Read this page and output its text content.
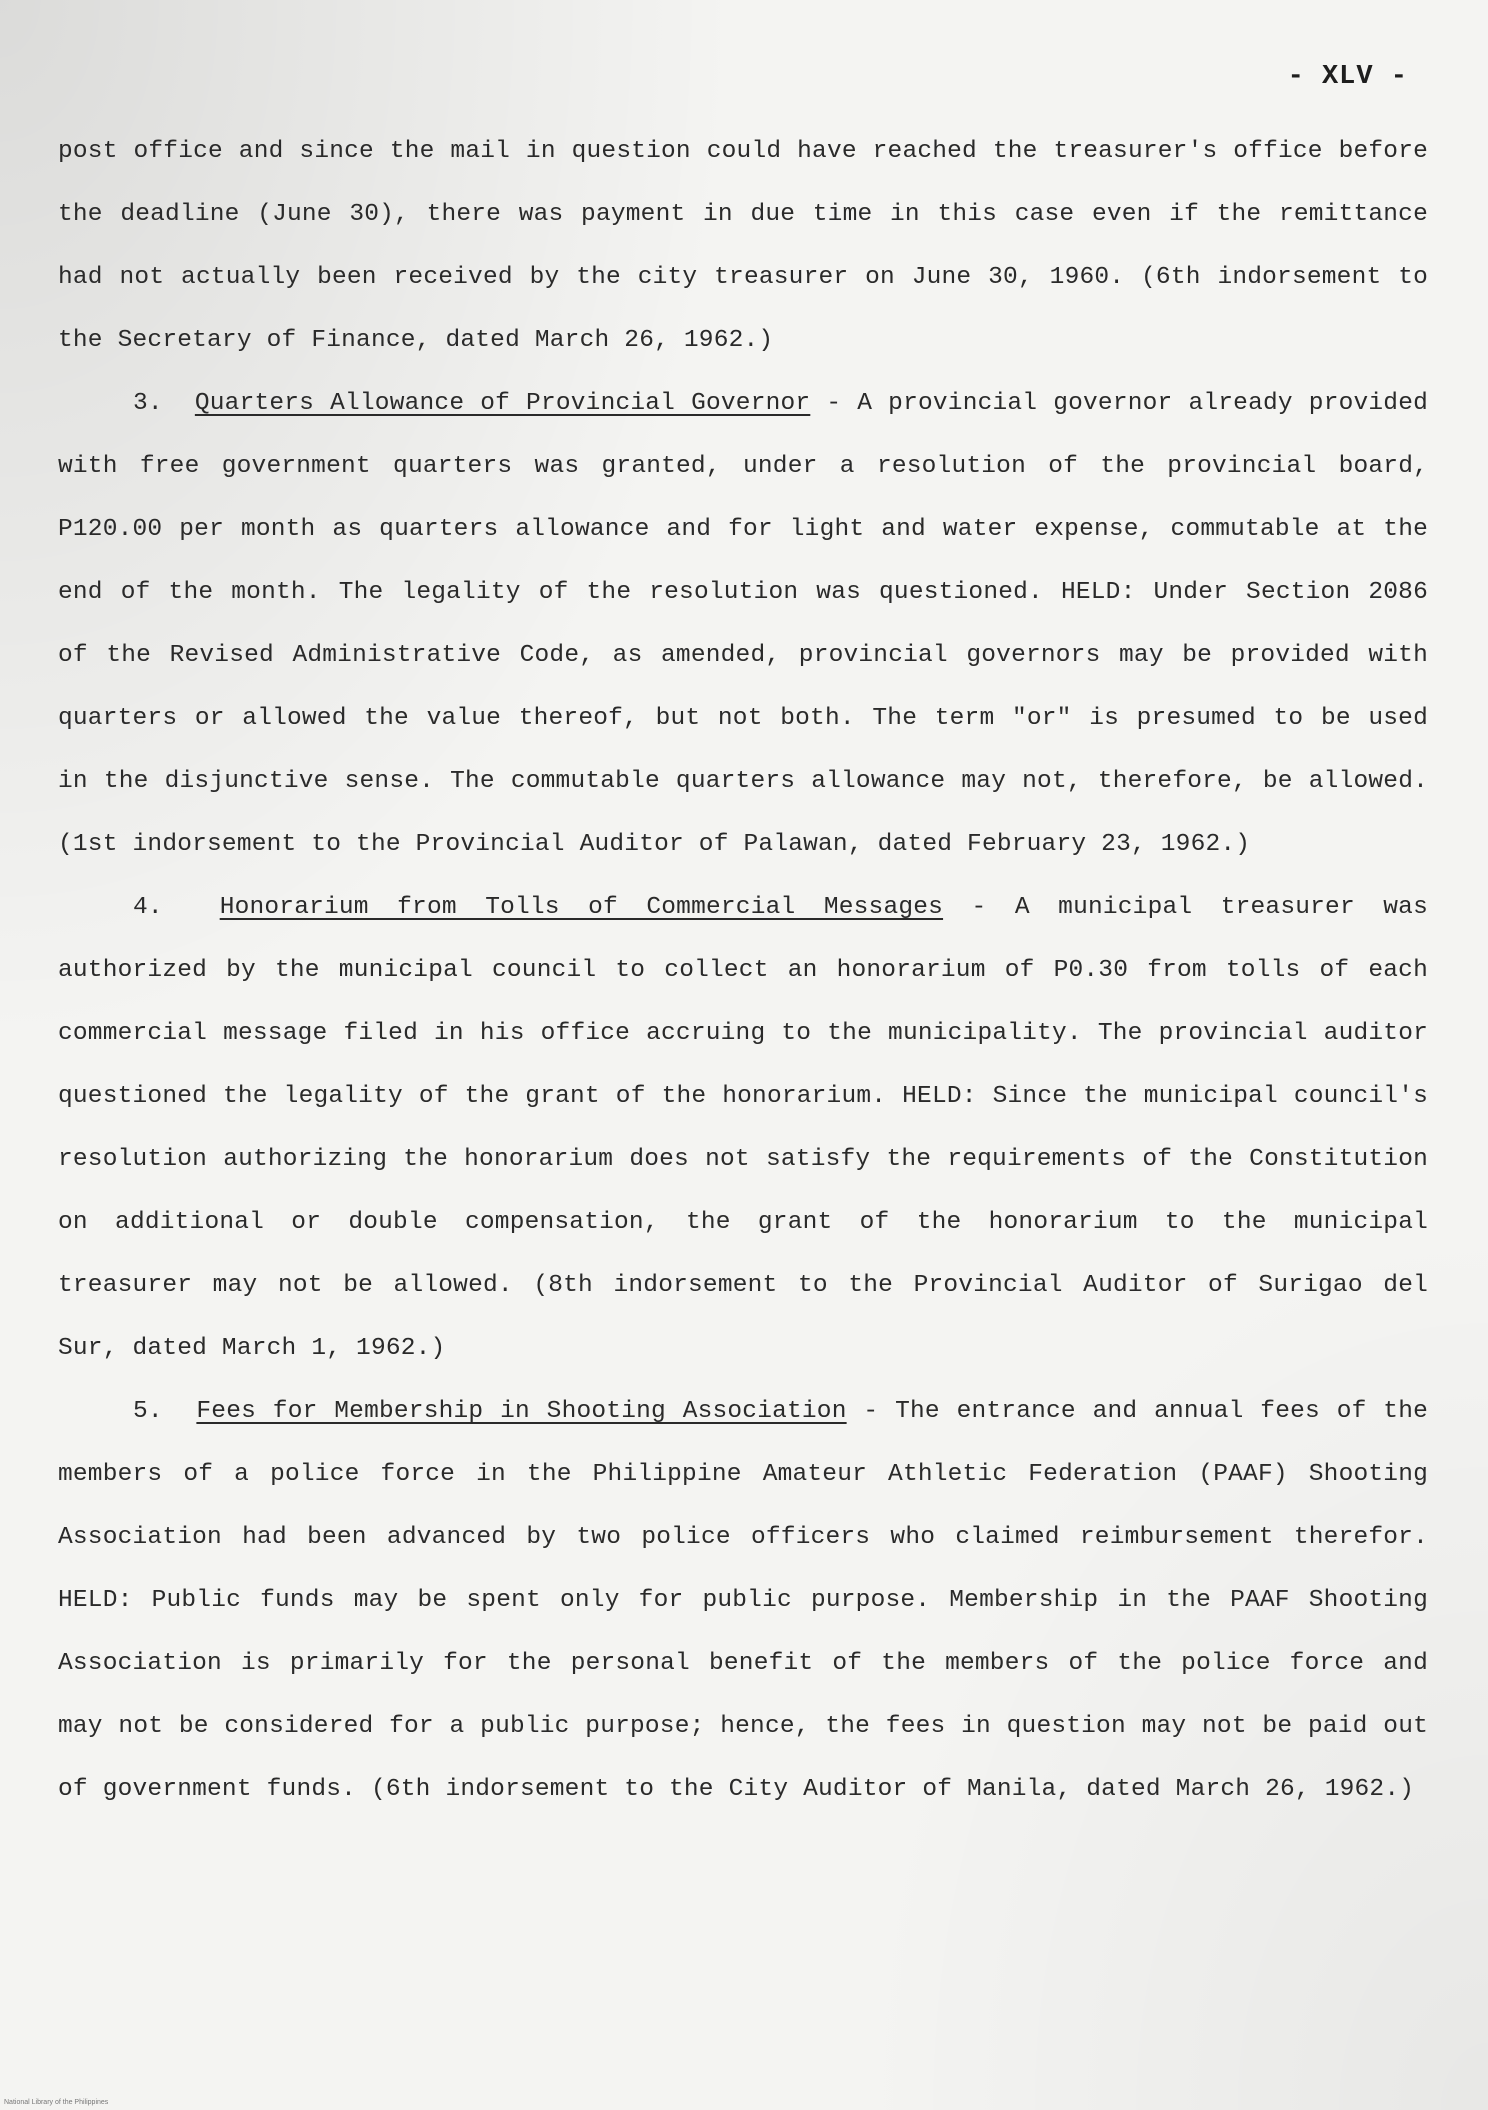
- XLV -

post office and since the mail in question could have reached the treasurer's office before the deadline (June 30), there was payment in due time in this case even if the remittance had not actually been received by the city treasurer on June 30, 1960. (6th indorsement to the Secretary of Finance, dated March 26, 1962.)

3. Quarters Allowance of Provincial Governor - A provincial governor already provided with free government quarters was granted, under a resolution of the provincial board, P120.00 per month as quarters allowance and for light and water expense, commutable at the end of the month. The legality of the resolution was questioned. HELD: Under Section 2086 of the Revised Administrative Code, as amended, provincial governors may be provided with quarters or allowed the value thereof, but not both. The term "or" is presumed to be used in the disjunctive sense. The commutable quarters allowance may not, therefore, be allowed. (1st indorsement to the Provincial Auditor of Palawan, dated February 23, 1962.)

4. Honorarium from Tolls of Commercial Messages - A municipal treasurer was authorized by the municipal council to collect an honorarium of P0.30 from tolls of each commercial message filed in his office accruing to the municipality. The provincial auditor questioned the legality of the grant of the honorarium. HELD: Since the municipal council's resolution authorizing the honorarium does not satisfy the requirements of the Constitution on additional or double compensation, the grant of the honorarium to the municipal treasurer may not be allowed. (8th indorsement to the Provincial Auditor of Surigao del Sur, dated March 1, 1962.)

5. Fees for Membership in Shooting Association - The entrance and annual fees of the members of a police force in the Philippine Amateur Athletic Federation (PAAF) Shooting Association had been advanced by two police officers who claimed reimbursement therefor. HELD: Public funds may be spent only for public purpose. Membership in the PAAF Shooting Association is primarily for the personal benefit of the members of the police force and may not be considered for a public purpose; hence, the fees in question may not be paid out of government funds. (6th indorsement to the City Auditor of Manila, dated March 26, 1962.)

National Library of the Philippines
